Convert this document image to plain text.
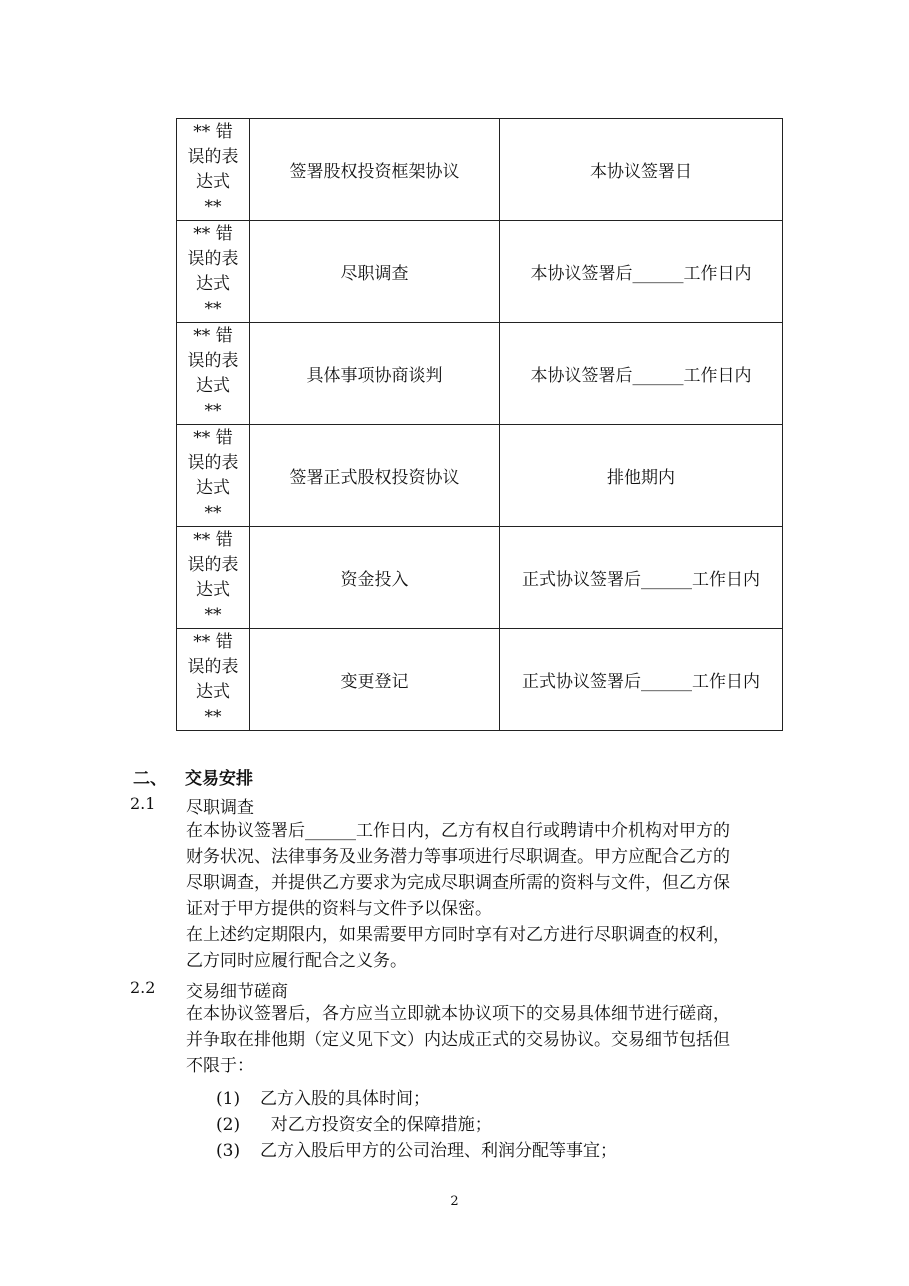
** 错
误的表
达式
**	签署股权投资框架协议	本协议签署日

** 错
误的表
达式
**	尽职调查	本协议签署后______工作日内

** 错
误的表
达式
**	具体事项协商谈判	本协议签署后______工作日内

** 错
误的表
达式
**	签署正式股权投资协议	排他期内

** 错
误的表
达式
**	资金投入	正式协议签署后______工作日内

** 错
误的表
达式
**	变更登记	正式协议签署后______工作日内
二、 交易安排
2.1 尽职调查
在本协议签署后______工作日内，乙方有权自行或聘请中介机构对甲方的
财务状况、法律事务及业务潜力等事项进行尽职调查。甲方应配合乙方的
尽职调查，并提供乙方要求为完成尽职调查所需的资料与文件，但乙方保
证对于甲方提供的资料与文件予以保密。
在上述约定期限内，如果需要甲方同时享有对乙方进行尽职调查的权利，
乙方同时应履行配合之义务。
2.2 交易细节磋商
在本协议签署后，各方应当立即就本协议项下的交易具体细节进行磋商，
并争取在排他期（定义见下文）内达成正式的交易协议。交易细节包括但
不限于：
(1) 乙方入股的具体时间；
(2)  对乙方投资安全的保障措施；
(3) 乙方入股后甲方的公司治理、利润分配等事宜；
2
